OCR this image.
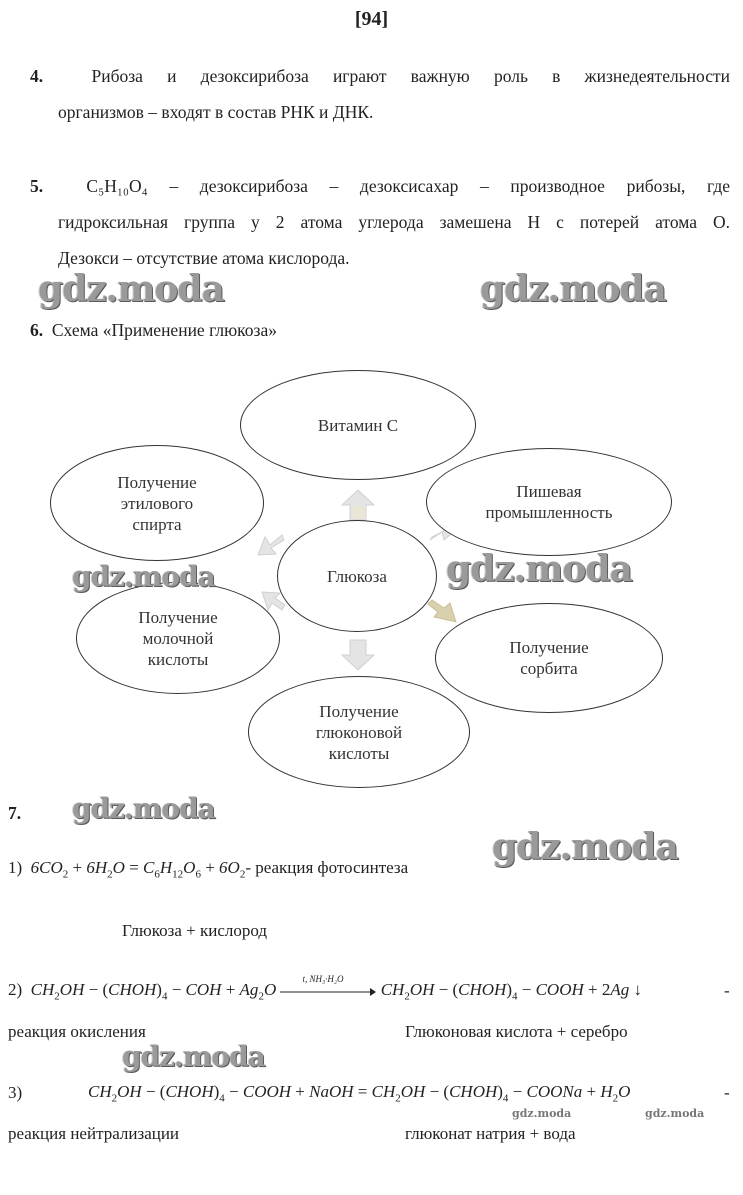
[94]
4.	Рибоза и дезоксирибоза играют важную роль в жизнедеятельности
организмов – входят в состав РНК и ДНК.
5. C₅H₁₀O₄ – дезоксирибоза – дезоксисахар – производное рибозы, где
гидроксильная группа у 2 атома углерода замешена Н с потерей атома О.
Дезокси – отсутствие атома кислорода.
6. Схема «Применение глюкоза»
Витамин С
Получение
этилового
спирта
Пишевая
промышленность
Глюкоза
Получение
молочной
кислоты
Получение
сорбита
Получение
глюконовой
кислоты
7.
1) $6CO_2 + 6H_2O = C_6H_{12}O_6 + 6O_2-$ реакция фотосинтеза
Глюкоза + кислород
2) $CH_2OH$ − $(CHOH)_4$ − COH + $Ag_2O$
t, NH₃·H₂O
$CH_2OH$ − $(CHOH)_4$ − COOH + 2Ag ↓	-
реакция окисления	Глюконовая кислота + серебро
3)	$CH_2OH$ − $(CHOH)_4$ − COOH + NaOH = $CH_2OH$ − $(CHOH)_4$ − COONa + $H_2O$	-
реакция нейтрализации	глюконат натрия + вода
gdz.moda	gdz.moda
gdz.moda	gdz.moda
gdz.moda
gdz.moda
gdz.moda
gdz.moda	gdz.moda
